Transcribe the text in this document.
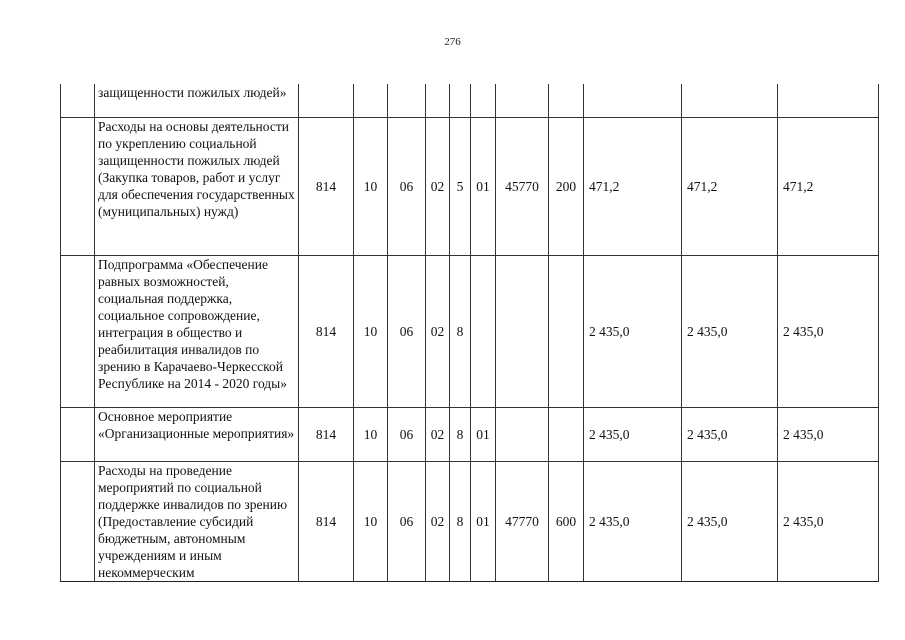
276
	защищенности пожилых людей»											
	Расходы на основы деятельности по укреплению социальной защищенности пожилых людей (Закупка товаров, работ и услуг для обеспечения государственных (муниципальных) нужд)	814	10	06	02	5	01	45770	200	471,2	471,2	471,2
	Подпрограмма «Обеспечение равных возможностей, социальная поддержка, социальное сопровождение, интеграция в общество и реабилитация инвалидов по зрению в Карачаево-Черкесской Республике на 2014 - 2020 годы»	814	10	06	02	8				2 435,0	2 435,0	2 435,0
	Основное мероприятие «Организационные мероприятия»	814	10	06	02	8	01			2 435,0	2 435,0	2 435,0
	Расходы на проведение мероприятий по социальной поддержке инвалидов по зрению (Предоставление субсидий бюджетным, автономным учреждениям и иным некоммерческим	814	10	06	02	8	01	47770	600	2 435,0	2 435,0	2 435,0
